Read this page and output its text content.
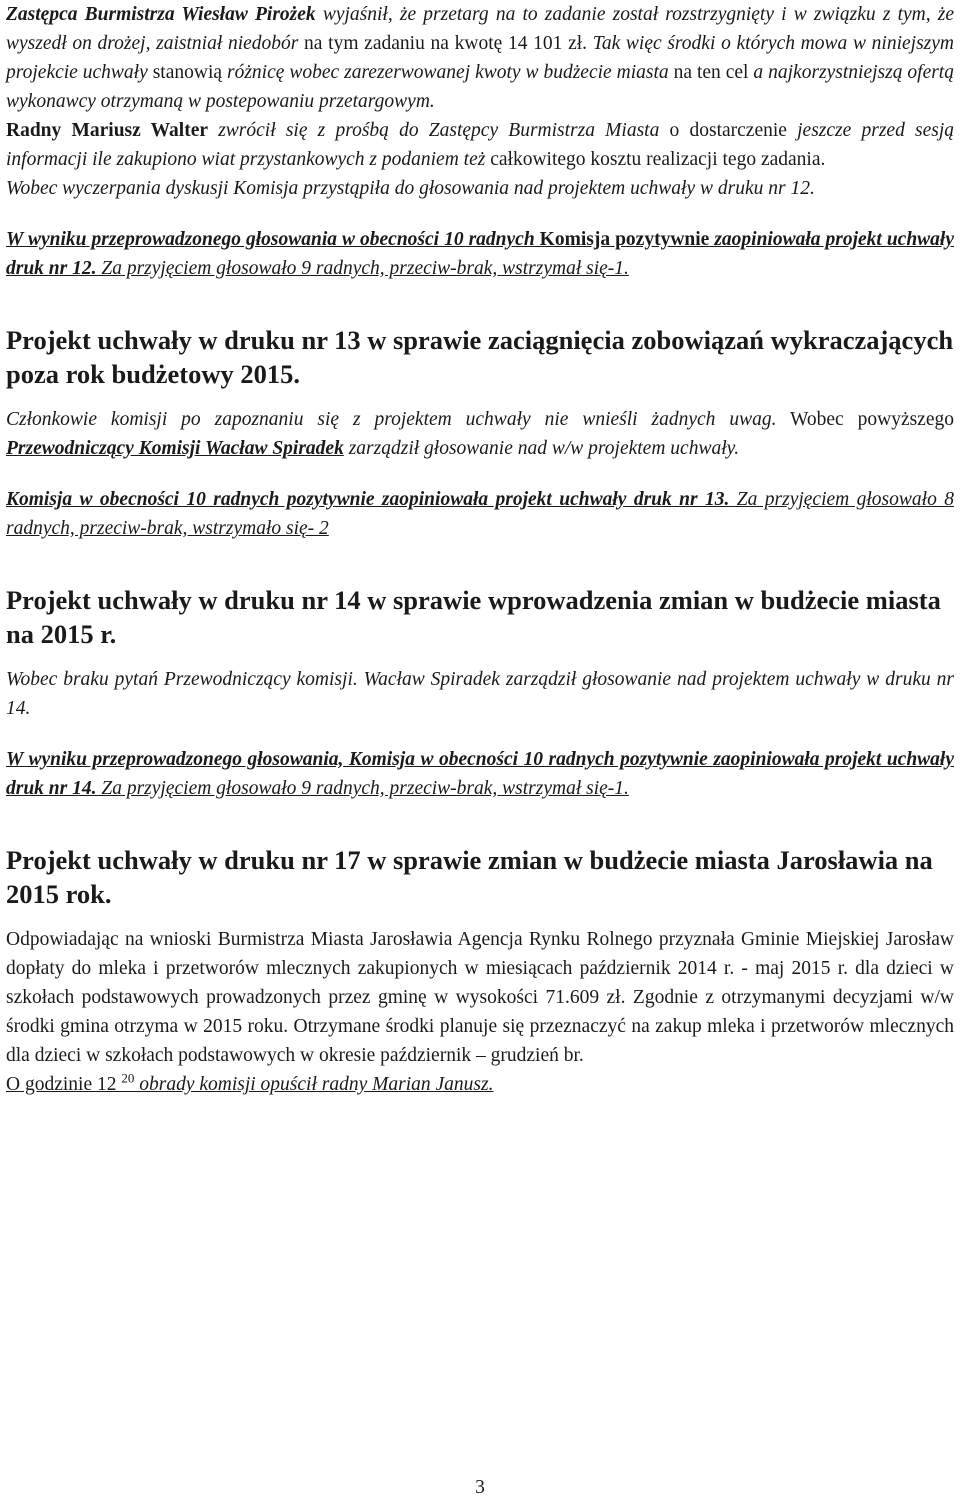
Zastępca Burmistrza Wiesław Pirożek wyjaśnił, że przetarg na to zadanie został rozstrzygnięty i w związku z tym, że wyszedł on drożej, zaistniał niedobór na tym zadaniu na kwotę 14 101 zł. Tak więc środki o których mowa w niniejszym projekcie uchwały stanowią różnicę wobec zarezerwowanej kwoty w budżecie miasta na ten cel a najkorzystniejszą ofertą wykonawcy otrzymaną w postepowaniu przetargowym.

Radny Mariusz Walter zwrócił się z prośbą do Zastępcy Burmistrza Miasta o dostarczenie jeszcze przed sesją informacji ile zakupiono wiat przystankowych z podaniem też całkowitego kosztu realizacji tego zadania.

Wobec wyczerpania dyskusji Komisja przystąpiła do głosowania nad projektem uchwały w druku nr 12.

W wyniku przeprowadzonego głosowania w obecności 10 radnych Komisja pozytywnie zaopiniowała projekt uchwały druk nr 12. Za przyjęciem głosowało 9 radnych, przeciw-brak, wstrzymał się-1.

Projekt uchwały w druku nr 13 w sprawie zaciągnięcia zobowiązań wykraczających poza rok budżetowy 2015.

Członkowie komisji po zapoznaniu się z projektem uchwały nie wnieśli żadnych uwag. Wobec powyższego Przewodniczący Komisji Wacław Spiradek zarządził głosowanie nad w/w projektem uchwały.

Komisja w obecności 10 radnych pozytywnie zaopiniowała projekt uchwały druk nr 13. Za przyjęciem głosowało 8 radnych, przeciw-brak, wstrzymało się- 2

Projekt uchwały w druku nr 14 w sprawie wprowadzenia zmian w budżecie miasta na 2015 r.

Wobec braku pytań Przewodniczący komisji. Wacław Spiradek zarządził głosowanie nad projektem uchwały w druku nr 14.

W wyniku przeprowadzonego głosowania, Komisja w obecności 10 radnych pozytywnie zaopiniowała projekt uchwały druk nr 14. Za przyjęciem głosowało 9 radnych, przeciw-brak, wstrzymał się-1.

Projekt uchwały w druku nr 17 w sprawie zmian w budżecie miasta Jarosławia na 2015 rok.

Odpowiadając na wnioski Burmistrza Miasta Jarosławia Agencja Rynku Rolnego przyznała Gminie Miejskiej Jarosław dopłaty do mleka i przetworów mlecznych zakupionych w miesiącach październik 2014 r. - maj 2015 r. dla dzieci w szkołach podstawowych prowadzonych przez gminę w wysokości 71.609 zł. Zgodnie z otrzymanymi decyzjami w/w środki gmina otrzyma w 2015 roku. Otrzymane środki planuje się przeznaczyć na zakup mleka i przetworów mlecznych dla dzieci w szkołach podstawowych w okresie październik – grudzień br.

O godzinie 12 $^{20}$ obrady komisji opuścił radny Marian Janusz.

3
